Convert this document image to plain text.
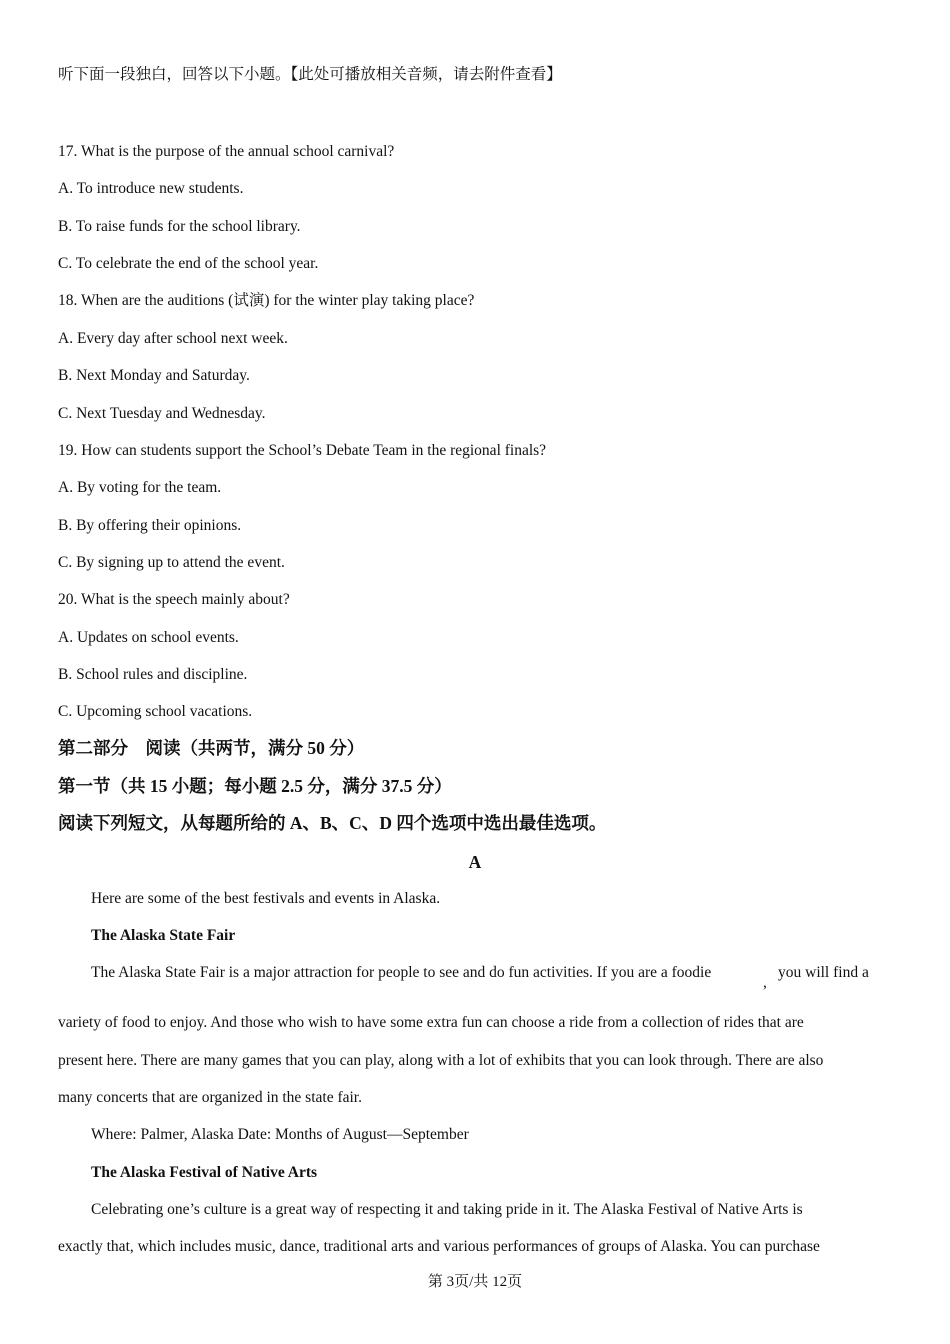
听下面一段独白，回答以下小题。【此处可播放相关音频，请去附件查看】
17. What is the purpose of the annual school carnival?
A. To introduce new students.
B. To raise funds for the school library.
C. To celebrate the end of the school year.
18. When are the auditions (试演) for the winter play taking place?
A. Every day after school next week.
B. Next Monday and Saturday.
C. Next Tuesday and Wednesday.
19. How can students support the School’s Debate Team in the regional finals?
A. By voting for the team.
B. By offering their opinions.
C. By signing up to attend the event.
20. What is the speech mainly about?
A. Updates on school events.
B. School rules and discipline.
C. Upcoming school vacations.
第二部分　阅读（共两节，满分 50 分）
第一节（共 15 小题；每小题 2.5 分，满分 37.5 分）
阅读下列短文，从每题所给的 A、B、C、D 四个选项中选出最佳选项。
A
Here are some of the best festivals and events in Alaska.
The Alaska State Fair
The Alaska State Fair is a major attraction for people to see and do fun activities. If you are a foodie
,
you will find a
variety of food to enjoy. And those who wish to have some extra fun can choose a ride from a collection of rides that are
present here. There are many games that you can play, along with a lot of exhibits that you can look through. There are also
many concerts that are organized in the state fair.
Where: Palmer, Alaska Date: Months of August—September
The Alaska Festival of Native Arts
Celebrating one’s culture is a great way of respecting it and taking pride in it. The Alaska Festival of Native Arts is
exactly that, which includes music, dance, traditional arts and various performances of groups of Alaska. You can purchase
第 3页/共 12页
